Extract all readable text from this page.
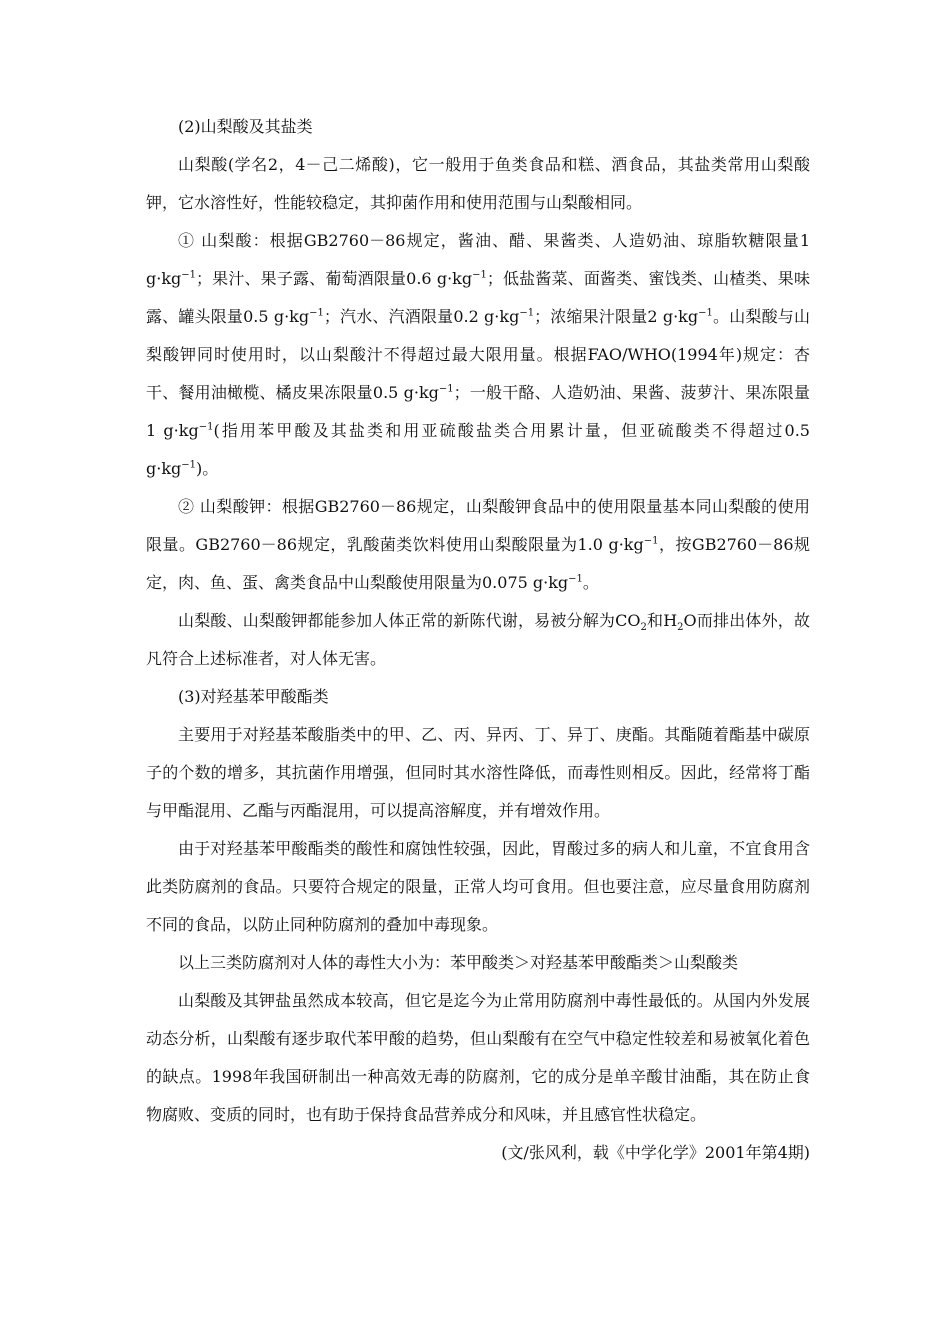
(2)山梨酸及其盐类

山梨酸(学名2，4－己二烯酸)，它一般用于鱼类食品和糕、酒食品，其盐类常用山梨酸钾，它水溶性好，性能较稳定，其抑菌作用和使用范围与山梨酸相同。

① 山梨酸：根据GB2760－86规定，酱油、醋、果酱类、人造奶油、琼脂软糖限量1 $g\cdot kg^{-1}$；果汁、果子露、葡萄酒限量0.6 $g\cdot kg^{-1}$；低盐酱菜、面酱类、蜜饯类、山楂类、果味露、罐头限量0.5 $g\cdot kg^{-1}$；汽水、汽酒限量0.2 $g\cdot kg^{-1}$；浓缩果汁限量2 $g\cdot kg^{-1}$。山梨酸与山梨酸钾同时使用时，以山梨酸汁不得超过最大限用量。根据FAO/WHO(1994年)规定：杏干、餐用油橄榄、橘皮果冻限量0.5 $g\cdot kg^{-1}$；一般干酪、人造奶油、果酱、菠萝汁、果冻限量1 $g\cdot kg^{-1}$(指用苯甲酸及其盐类和用亚硫酸盐类合用累计量，但亚硫酸类不得超过0.5 $g\cdot kg^{-1}$)。

② 山梨酸钾：根据GB2760－86规定，山梨酸钾食品中的使用限量基本同山梨酸的使用限量。GB2760－86规定，乳酸菌类饮料使用山梨酸限量为1.0 $g\cdot kg^{-1}$，按GB2760－86规定，肉、鱼、蛋、禽类食品中山梨酸使用限量为0.075 $g\cdot kg^{-1}$。

山梨酸、山梨酸钾都能参加人体正常的新陈代谢，易被分解为$CO_2$和$H_2O$而排出体外，故凡符合上述标准者，对人体无害。

(3)对羟基苯甲酸酯类

主要用于对羟基苯酸脂类中的甲、乙、丙、异丙、丁、异丁、庚酯。其酯随着酯基中碳原子的个数的增多，其抗菌作用增强，但同时其水溶性降低，而毒性则相反。因此，经常将丁酯与甲酯混用、乙酯与丙酯混用，可以提高溶解度，并有增效作用。

由于对羟基苯甲酸酯类的酸性和腐蚀性较强，因此，胃酸过多的病人和儿童，不宜食用含此类防腐剂的食品。只要符合规定的限量，正常人均可食用。但也要注意，应尽量食用防腐剂不同的食品，以防止同种防腐剂的叠加中毒现象。

以上三类防腐剂对人体的毒性大小为：苯甲酸类＞对羟基苯甲酸酯类＞山梨酸类

山梨酸及其钾盐虽然成本较高，但它是迄今为止常用防腐剂中毒性最低的。从国内外发展动态分析，山梨酸有逐步取代苯甲酸的趋势，但山梨酸有在空气中稳定性较差和易被氧化着色的缺点。1998年我国研制出一种高效无毒的防腐剂，它的成分是单辛酸甘油酯，其在防止食物腐败、变质的同时，也有助于保持食品营养成分和风味，并且感官性状稳定。

(文/张风利，载《中学化学》2001年第4期)
